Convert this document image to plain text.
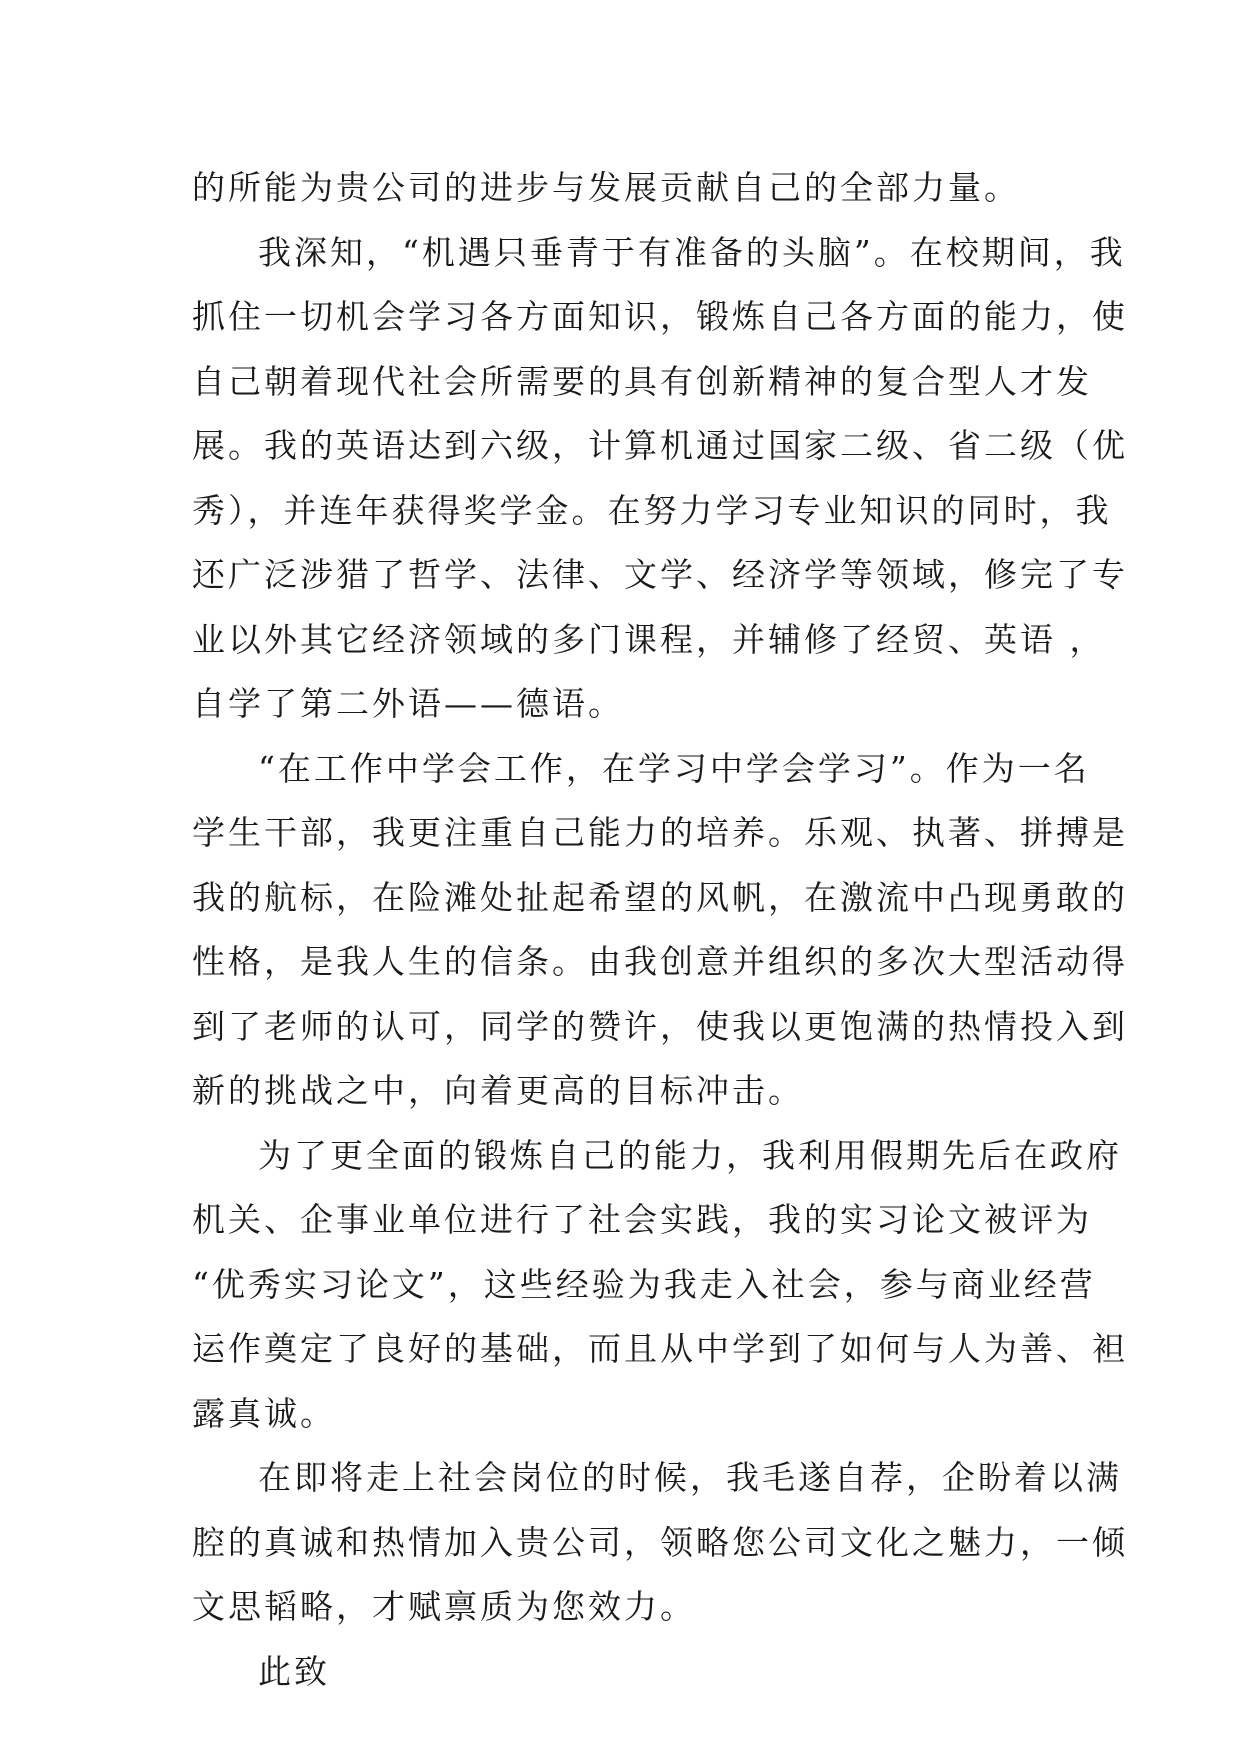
的所能为贵公司的进步与发展贡献自己的全部力量。
我深知，“机遇只垂青于有准备的头脑”。在校期间，我
抓住一切机会学习各方面知识，锻炼自己各方面的能力，使
自己朝着现代社会所需要的具有创新精神的复合型人才发
展。我的英语达到六级，计算机通过国家二级、省二级（优
秀），并连年获得奖学金。在努力学习专业知识的同时，我
还广泛涉猎了哲学、法律、文学、经济学等领域，修完了专
业以外其它经济领域的多门课程，并辅修了经贸、英语 ，
自学了第二外语——德语。
“在工作中学会工作，在学习中学会学习”。作为一名
学生干部，我更注重自己能力的培养。乐观、执著、拼搏是
我的航标，在险滩处扯起希望的风帆，在激流中凸现勇敢的
性格，是我人生的信条。由我创意并组织的多次大型活动得
到了老师的认可，同学的赞许，使我以更饱满的热情投入到
新的挑战之中，向着更高的目标冲击。
为了更全面的锻炼自己的能力，我利用假期先后在政府
机关、企事业单位进行了社会实践，我的实习论文被评为
“优秀实习论文”，这些经验为我走入社会，参与商业经营
运作奠定了良好的基础，而且从中学到了如何与人为善、袒
露真诚。
在即将走上社会岗位的时候，我毛遂自荐，企盼着以满
腔的真诚和热情加入贵公司，领略您公司文化之魅力，一倾
文思韬略，才赋禀质为您效力。
此致
